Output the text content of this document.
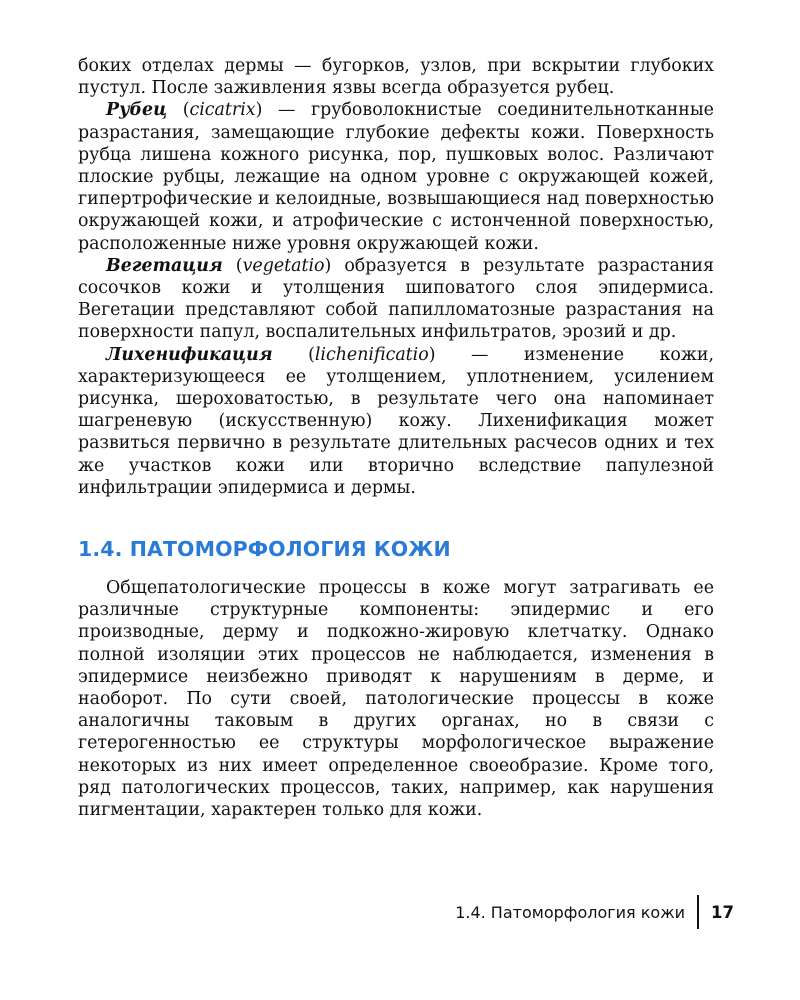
боких отделах дермы — бугорков, узлов, при вскрытии глубоких пустул. После заживления язвы всегда образуется рубец.

Рубец (cicatrix) — грубоволокнистые соединительнотканные разрастания, замещающие глубокие дефекты кожи. Поверхность рубца лишена кожного рисунка, пор, пушковых волос. Различают плоские рубцы, лежащие на одном уровне с окружающей кожей, гипертрофические и келоидные, возвышающиеся над поверхностью окружающей кожи, и атрофические с истонченной поверхностью, расположенные ниже уровня окружающей кожи.

Вегетация (vegetatio) образуется в результате разрастания сосочков кожи и утолщения шиповатого слоя эпидермиса. Вегетации представляют собой папилломатозные разрастания на поверхности папул, воспалительных инфильтратов, эрозий и др.

Лихенификация (lichenificatio) — изменение кожи, характеризующееся ее утолщением, уплотнением, усилением рисунка, шероховатостью, в результате чего она напоминает шагреневую (искусственную) кожу. Лихенификация может развиться первично в результате длительных расчесов одних и тех же участков кожи или вторично вследствие папулезной инфильтрации эпидермиса и дермы.

1.4. ПАТОМОРФОЛОГИЯ КОЖИ

Общепатологические процессы в коже могут затрагивать ее различные структурные компоненты: эпидермис и его производные, дерму и подкожно-жировую клетчатку. Однако полной изоляции этих процессов не наблюдается, изменения в эпидермисе неизбежно приводят к нарушениям в дерме, и наоборот. По сути своей, патологические процессы в коже аналогичны таковым в других органах, но в связи с гетерогенностью ее структуры морфологическое выражение некоторых из них имеет определенное своеобразие. Кроме того, ряд патологических процессов, таких, например, как нарушения пигментации, характерен только для кожи.

1.4. Патоморфология кожи 17
